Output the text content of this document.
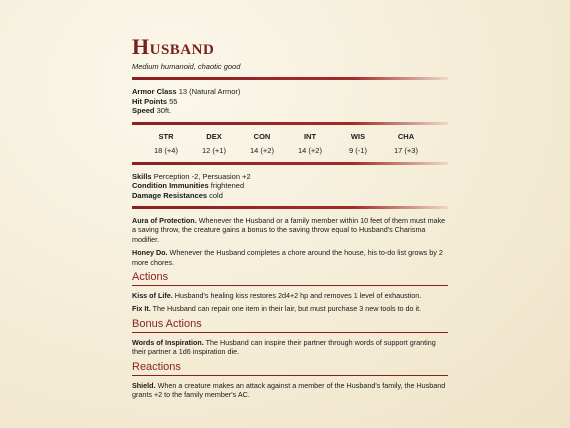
Husband
Medium humanoid, chaotic good
Armor Class 13 (Natural Armor)
Hit Points 55
Speed 30ft.
STR
18 (+4)
DEX
12 (+1)
CON
14 (+2)
INT
14 (+2)
WIS
9 (-1)
CHA
17 (+3)
Skills Perception -2, Persuasion +2
Condition Immunities frightened
Damage Resistances cold

Aura of Protection. Whenever the Husband or a family member within 10 feet of them must make a saving throw, the creature gains a bonus to the saving throw equal to Husband's Charisma modifier.

Honey Do. Whenever the Husband completes a chore around the house, his to-do list grows by 2 more chores.

Actions

Kiss of Life. Husband's healing kiss restores 2d4+2 hp and removes 1 level of exhaustion.

Fix It. The Husband can repair one item in their lair, but must purchase 3 new tools to do it.

Bonus Actions

Words of Inspiration. The Husband can inspire their partner through words of support granting their partner a 1d6 inspiration die.

Reactions

Shield. When a creature makes an attack against a member of the Husband's family, the Husband grants +2 to the family member's AC.
